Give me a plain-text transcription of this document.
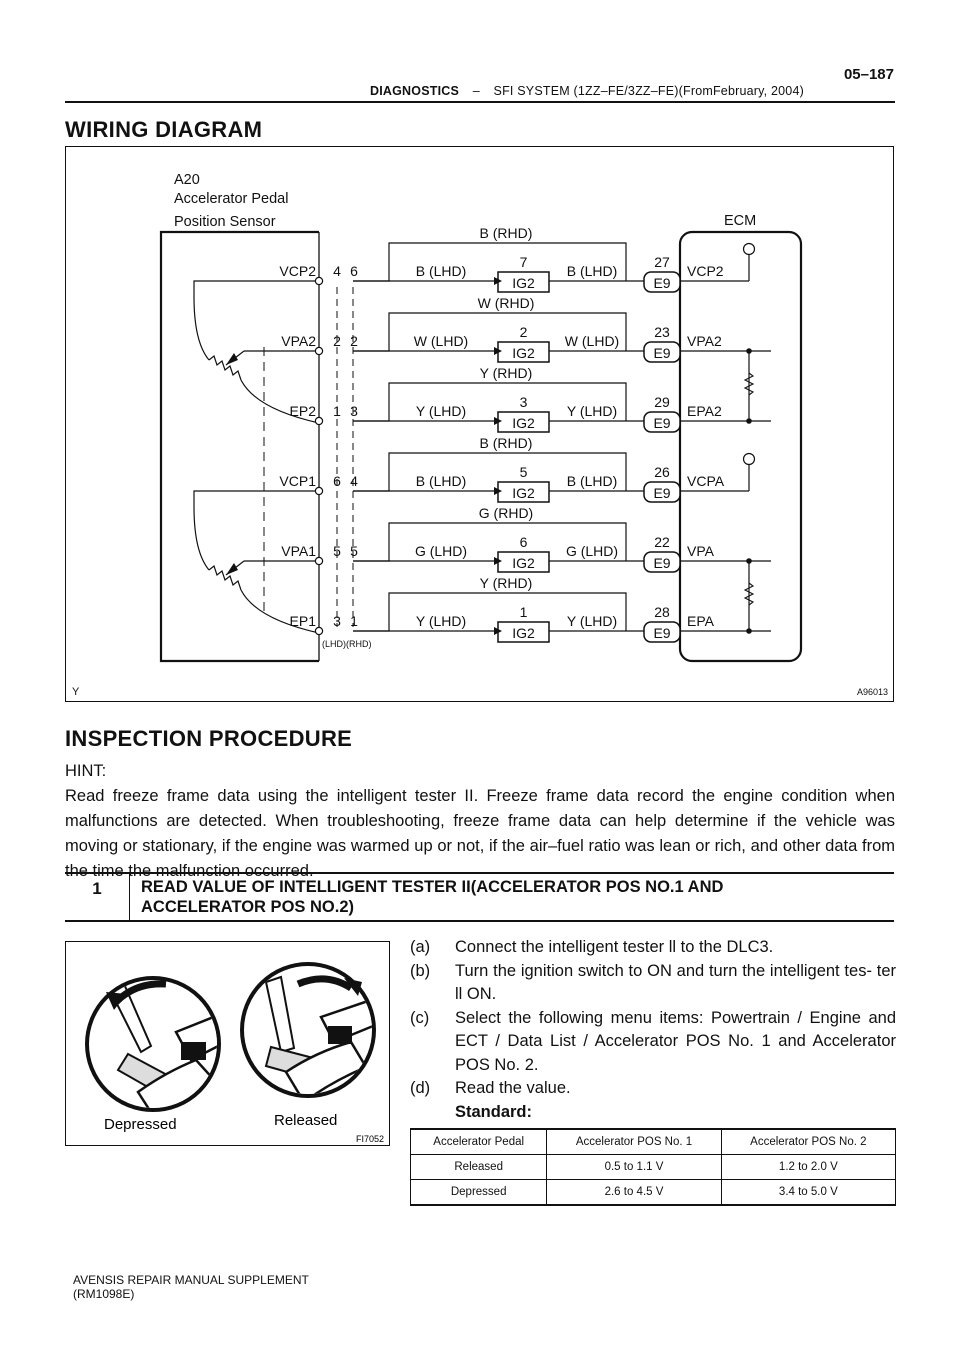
05–187
DIAGNOSTICS – SFI SYSTEM (1ZZ–FE/3ZZ–FE)(FromFebruary, 2004)
WIRING DIAGRAM
A20
Accelerator Pedal
Position Sensor	ECM
(LHD)(RHD)
Y	A96013
IG2
7
E9
27
VCP2 4 6
B (RHD)
B (LHD)	B (LHD)	VCP2
IG2
2
E9
23
VPA2 2 2
W (RHD)
W (LHD)	W (LHD)	VPA2
IG2
3
E9
29
EP2 1 3
Y (RHD)
Y (LHD)	Y (LHD)	EPA2
IG2
5
E9
26
VCP1 6 4
B (RHD)
B (LHD)	B (LHD)	VCPA
IG2
6
E9
22
VPA1 5 5
G (RHD)
G (LHD)	G (LHD)	VPA
IG2
1
E9
28
EP1 3 1
Y (RHD)
Y (LHD)	Y (LHD)	EPA
INSPECTION PROCEDURE
HINT:
Read freeze frame data using the intelligent tester II. Freeze frame data record the engine condition when malfunctions are detected. When troubleshooting, freeze frame data can help determine if the vehicle was moving or stationary, if the engine was warmed up or not, if the air–fuel ratio was lean or rich, and other data from the time the malfunction occurred.
1	READ VALUE OF INTELLIGENT TESTER II(ACCELERATOR POS NO.1 AND
ACCELERATOR POS NO.2)
Depressed	Released
FI7052
(a)	Connect the intelligent tester ll to the DLC3.
(b)	Turn the ignition switch to ON and turn the intelligent tes- ter ll ON.
(c)	Select the following menu items: Powertrain / Engine and ECT / Data List / Accelerator POS No. 1 and Accelerator POS No. 2.
(d)	Read the value.
Standard:
Accelerator Pedal	Accelerator POS No. 1	Accelerator POS No. 2
Released	0.5 to 1.1 V	1.2 to 2.0 V
Depressed	2.6 to 4.5 V	3.4 to 5.0 V
AVENSIS REPAIR MANUAL SUPPLEMENT
(RM1098E)
